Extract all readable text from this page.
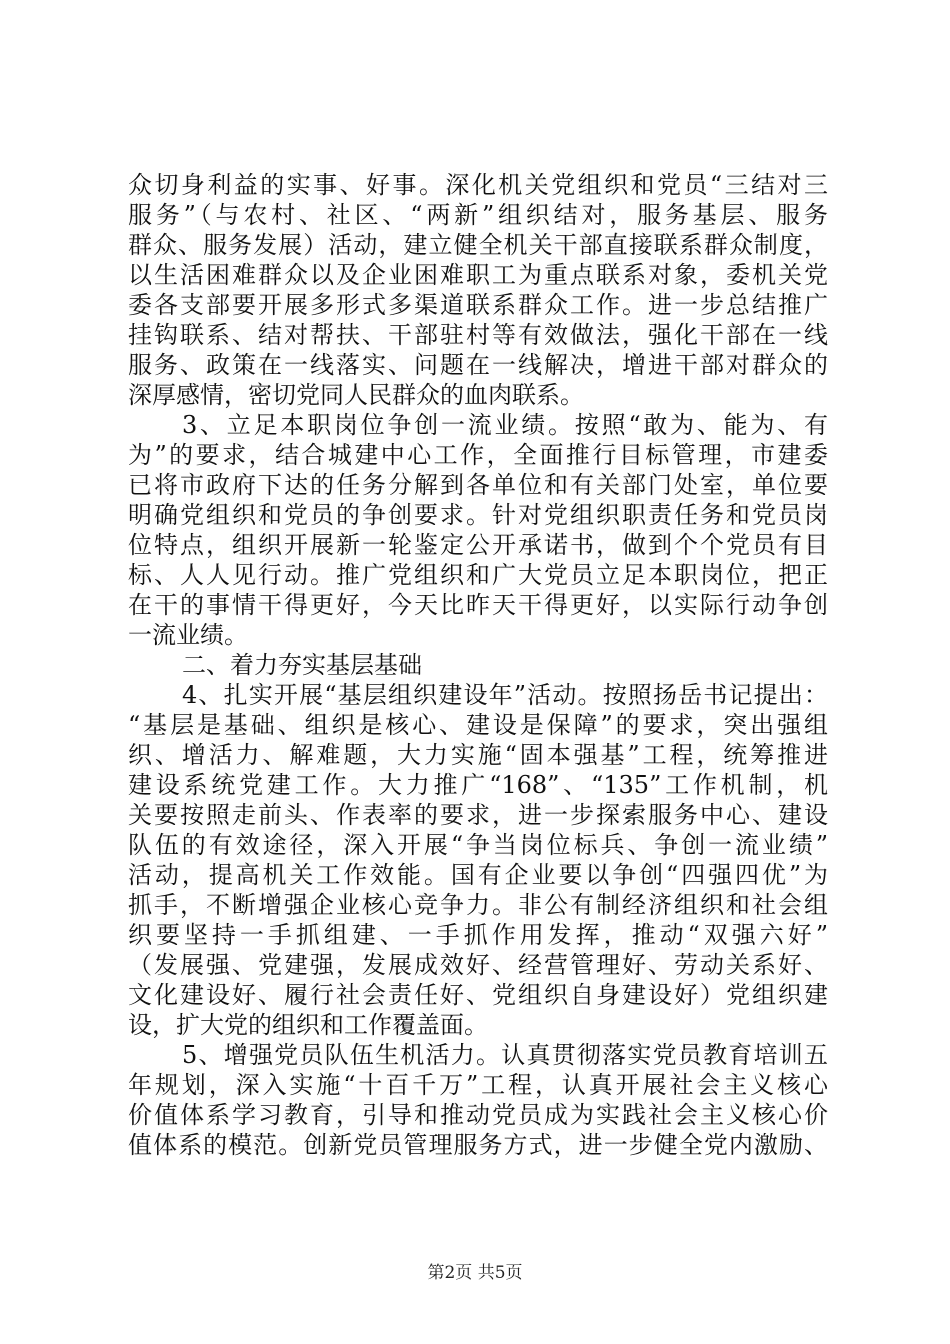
众切身利益的实事、好事。深化机关党组织和党员“三结对三
服务”（与农村、社区、“两新”组织结对，服务基层、服务
群众、服务发展）活动，建立健全机关干部直接联系群众制度，
以生活困难群众以及企业困难职工为重点联系对象，委机关党
委各支部要开展多形式多渠道联系群众工作。进一步总结推广
挂钩联系、结对帮扶、干部驻村等有效做法，强化干部在一线
服务、政策在一线落实、问题在一线解决，增进干部对群众的
深厚感情，密切党同人民群众的血肉联系。
3、立足本职岗位争创一流业绩。按照“敢为、能为、有
为”的要求，结合城建中心工作，全面推行目标管理，市建委
已将市政府下达的任务分解到各单位和有关部门处室，单位要
明确党组织和党员的争创要求。针对党组织职责任务和党员岗
位特点，组织开展新一轮鉴定公开承诺书，做到个个党员有目
标、人人见行动。推广党组织和广大党员立足本职岗位，把正
在干的事情干得更好，今天比昨天干得更好，以实际行动争创
一流业绩。
二、着力夯实基层基础
4、扎实开展“基层组织建设年”活动。按照扬岳书记提出：
“基层是基础、组织是核心、建设是保障”的要求，突出强组
织、增活力、解难题，大力实施“固本强基”工程，统筹推进
建设系统党建工作。大力推广“168”、“135”工作机制，机
关要按照走前头、作表率的要求，进一步探索服务中心、建设
队伍的有效途径，深入开展“争当岗位标兵、争创一流业绩”
活动，提高机关工作效能。国有企业要以争创“四强四优”为
抓手，不断增强企业核心竞争力。非公有制经济组织和社会组
织要坚持一手抓组建、一手抓作用发挥，推动“双强六好”
（发展强、党建强，发展成效好、经营管理好、劳动关系好、
文化建设好、履行社会责任好、党组织自身建设好）党组织建
设，扩大党的组织和工作覆盖面。
5、增强党员队伍生机活力。认真贯彻落实党员教育培训五
年规划，深入实施“十百千万”工程，认真开展社会主义核心
价值体系学习教育，引导和推动党员成为实践社会主义核心价
值体系的模范。创新党员管理服务方式，进一步健全党内激励、
第2页 共5页
